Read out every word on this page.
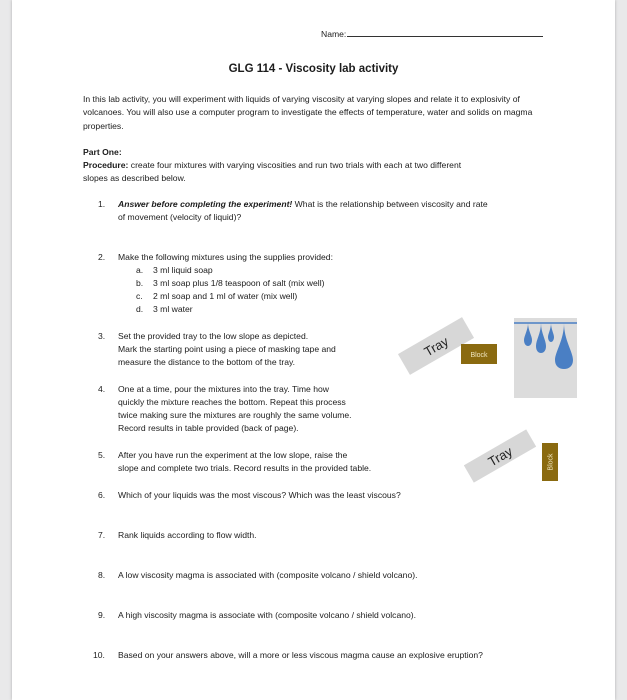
Name:
GLG 114 - Viscosity lab activity
In this lab activity, you will experiment with liquids of varying viscosity at varying slopes and relate it to explosivity of volcanoes. You will also use a computer program to investigate the effects of temperature, water and solids on magma properties.
Part One:
Procedure: create four mixtures with varying viscosities and run two trials with each at two different
slopes as described below.
1. Answer before completing the experiment! What is the relationship between viscosity and rate
of movement (velocity of liquid)?
2. Make the following mixtures using the supplies provided:
a. 3 ml liquid soap
b. 3 ml soap plus 1/8 teaspoon of salt (mix well)
c. 2 ml soap and 1 ml of water (mix well)
d. 3 ml water
3. Set the provided tray to the low slope as depicted.
Mark the starting point using a piece of masking tape and
measure the distance to the bottom of the tray.
4. One at a time, pour the mixtures into the tray. Time how
quickly the mixture reaches the bottom. Repeat this process
twice making sure the mixtures are roughly the same volume.
Record results in table provided (back of page).
5. After you have run the experiment at the low slope, raise the
slope and complete two trials. Record results in the provided table.
6. Which of your liquids was the most viscous? Which was the least viscous?
7. Rank liquids according to flow width.
8. A low viscosity magma is associated with (composite volcano / shield volcano).
9. A high viscosity magma is associate with (composite volcano / shield volcano).
10. Based on your answers above, will a more or less viscous magma cause an explosive eruption?
Tray	Block
Tray	Block
